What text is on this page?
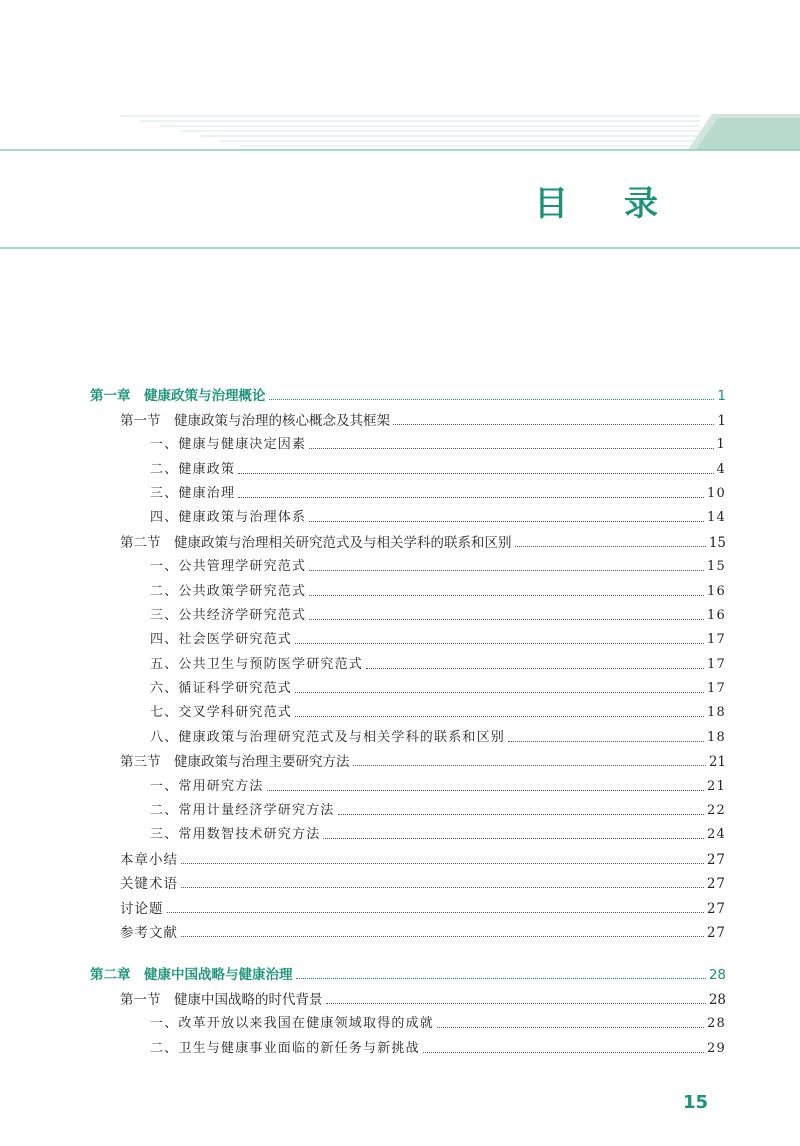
目 录
第一章　健康政策与治理概论	1
第一节　健康政策与治理的核心概念及其框架	1
一、健康与健康决定因素	1
二、健康政策	4
三、健康治理	10
四、健康政策与治理体系	14
第二节　健康政策与治理相关研究范式及与相关学科的联系和区别	15
一、公共管理学研究范式	15
二、公共政策学研究范式	16
三、公共经济学研究范式	16
四、社会医学研究范式	17
五、公共卫生与预防医学研究范式	17
六、循证科学研究范式	17
七、交叉学科研究范式	18
八、健康政策与治理研究范式及与相关学科的联系和区别	18
第三节　健康政策与治理主要研究方法	21
一、常用研究方法	21
二、常用计量经济学研究方法	22
三、常用数智技术研究方法	24
本章小结	27
关键术语	27
讨论题	27
参考文献	27
第二章　健康中国战略与健康治理	28
第一节　健康中国战略的时代背景	28
一、改革开放以来我国在健康领域取得的成就	28
二、卫生与健康事业面临的新任务与新挑战	29
15
